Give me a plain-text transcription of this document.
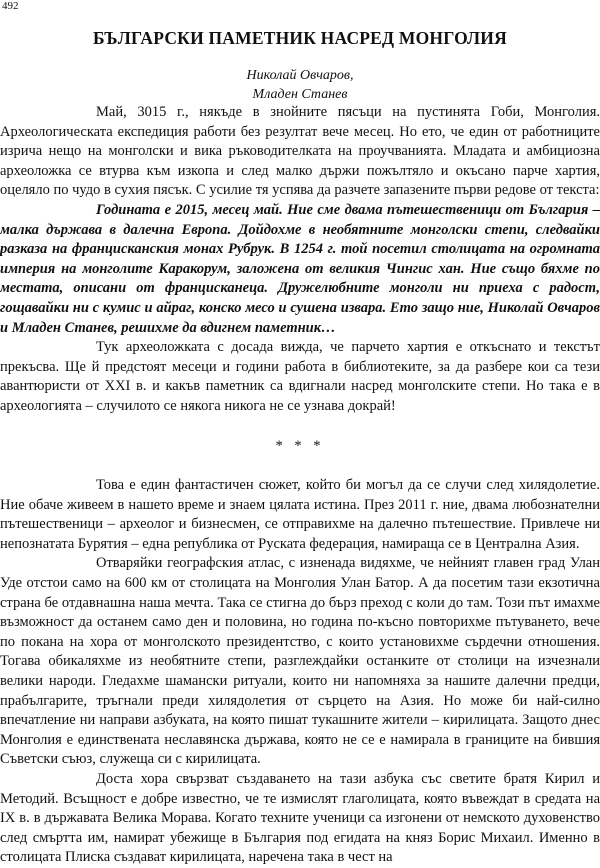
492
БЪЛГАРСКИ ПАМЕТНИК НАСРЕД МОНГОЛИЯ
Николай Овчаров,
Младен Станев

Май, 3015 г., някъде в знойните пясъци на пустинята Гоби, Монголия. Археологическата експедиция работи без резултат вече месец. Но ето, че един от работниците изрича нещо на монголски и вика ръководителката на проучванията. Младата и амбициозна археоложка се втурва към изкопа и след малко държи пожълтяло и окъсано парче хартия, оцеляло по чудо в сухия пясък. С усилие тя успява да разчете запазените първи редове от текста:

Годината е 2015, месец май. Ние сме двама пътешественици от България – малка държава в далечна Европа. Дойдохме в необятните монголски степи, следвайки разказа на францисканския монах Рубрук. В 1254 г. той посетил столицата на огромната империя на монголите Каракорум, заложена от великия Чингис хан. Ние също бяхме по местата, описани от францисканеца. Дружелюбните монголи ни приеха с радост, гощавайки ни с кумис и айраг, конско месо и сушена извара. Ето защо ние, Николай Овчаров и Младен Станев, решихме да вдигнем паметник…

Тук археоложката с досада вижда, че парчето хартия е откъснато и текстът прекъсва. Ще й предстоят месеци и години работа в библиотеките, за да разбере кои са тези авантюристи от XXI в. и какъв паметник са вдигнали насред монголските степи. Но така е в археологията – случилото се някога никога не се узнава докрай!

* * *

Това е един фантастичен сюжет, който би могъл да се случи след хилядолетие. Ние обаче живеем в нашето време и знаем цялата истина. През 2011 г. ние, двама любознателни пътешественици – археолог и бизнесмен, се отправихме на далечно пътешествие. Привлече ни непознатата Бурятия – една република от Руската федерация, намираща се в Централна Азия.

Отваряйки географския атлас, с изненада видяхме, че нейният главен град Улан Уде отстои само на 600 км от столицата на Монголия Улан Батор. А да посетим тази екзотична страна бе отдавнашна наша мечта. Така се стигна до бърз преход с коли до там. Този път имахме възможност да останем само ден и половина, но година по-късно повторихме пътуването, вече по покана на хора от монголското президентство, с които установихме сърдечни отношения. Тогава обикаляхме из необятните степи, разглеждайки останките от столици на изчезнали велики народи. Гледахме шамански ритуали, които ни напомняха за нашите далечни предци, прабългарите, тръгнали преди хилядолетия от сърцето на Азия. Но може би най-силно впечатление ни направи азбуката, на която пишат тукашните жители – кирилицата. Защото днес Монголия е единствената неславянска държава, която не се е намирала в границите на бившия Съветски съюз, служеща си с кирилицата.

Доста хора свързват създаването на тази азбука със светите братя Кирил и Методий. Всъщност е добре известно, че те измислят глаголицата, която въвеждат в средата на IX в. в държавата Велика Морава. Когато техните ученици са изгонени от немското духовенство след смъртта им, намират убежище в България под егидата на княз Борис Михаил. Именно в столицата Плиска създават кирилицата, наречена така в чест на
